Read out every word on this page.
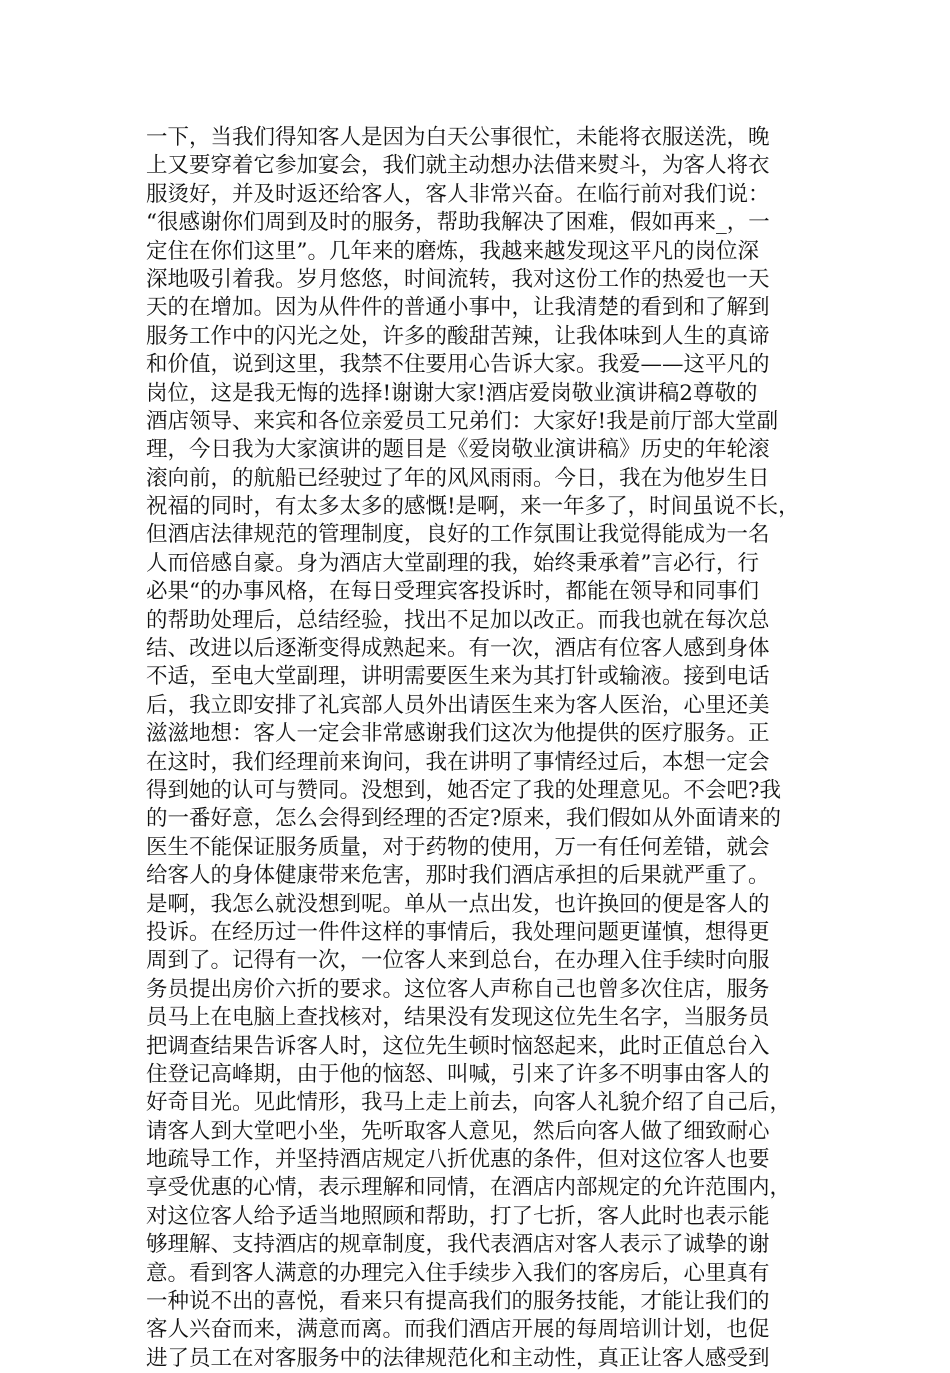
一下，当我们得知客人是因为白天公事很忙，未能将衣服送洗，晚
上又要穿着它参加宴会，我们就主动想办法借来熨斗，为客人将衣
服烫好，并及时返还给客人，客人非常兴奋。在临行前对我们说：
“很感谢你们周到及时的服务，帮助我解决了困难，假如再来_，一
定住在你们这里”。几年来的磨炼，我越来越发现这平凡的岗位深
深地吸引着我。岁月悠悠，时间流转，我对这份工作的热爱也一天
天的在增加。因为从件件的普通小事中，让我清楚的看到和了解到
服务工作中的闪光之处，许多的酸甜苦辣，让我体味到人生的真谛
和价值，说到这里，我禁不住要用心告诉大家。我爱——这平凡的
岗位，这是我无悔的选择!谢谢大家!酒店爱岗敬业演讲稿2尊敬的
酒店领导、来宾和各位亲爱员工兄弟们：大家好!我是前厅部大堂副
理，今日我为大家演讲的题目是《爱岗敬业演讲稿》历史的年轮滚
滚向前，的航船已经驶过了年的风风雨雨。今日，我在为他岁生日
祝福的同时，有太多太多的感慨!是啊，来一年多了，时间虽说不长，
但酒店法律规范的管理制度，良好的工作氛围让我觉得能成为一名
人而倍感自豪。身为酒店大堂副理的我，始终秉承着”言必行，行
必果“的办事风格，在每日受理宾客投诉时，都能在领导和同事们
的帮助处理后，总结经验，找出不足加以改正。而我也就在每次总
结、改进以后逐渐变得成熟起来。有一次，酒店有位客人感到身体
不适，至电大堂副理，讲明需要医生来为其打针或输液。接到电话
后，我立即安排了礼宾部人员外出请医生来为客人医治，心里还美
滋滋地想：客人一定会非常感谢我们这次为他提供的医疗服务。正
在这时，我们经理前来询问，我在讲明了事情经过后，本想一定会
得到她的认可与赞同。没想到，她否定了我的处理意见。不会吧?我
的一番好意，怎么会得到经理的否定?原来，我们假如从外面请来的
医生不能保证服务质量，对于药物的使用，万一有任何差错，就会
给客人的身体健康带来危害，那时我们酒店承担的后果就严重了。
是啊，我怎么就没想到呢。单从一点出发，也许换回的便是客人的
投诉。在经历过一件件这样的事情后，我处理问题更谨慎，想得更
周到了。记得有一次，一位客人来到总台，在办理入住手续时向服
务员提出房价六折的要求。这位客人声称自己也曾多次住店，服务
员马上在电脑上查找核对，结果没有发现这位先生名字，当服务员
把调查结果告诉客人时，这位先生顿时恼怒起来，此时正值总台入
住登记高峰期，由于他的恼怒、叫喊，引来了许多不明事由客人的
好奇目光。见此情形，我马上走上前去，向客人礼貌介绍了自己后，
请客人到大堂吧小坐，先听取客人意见，然后向客人做了细致耐心
地疏导工作，并坚持酒店规定八折优惠的条件，但对这位客人也要
享受优惠的心情，表示理解和同情，在酒店内部规定的允许范围内，
对这位客人给予适当地照顾和帮助，打了七折，客人此时也表示能
够理解、支持酒店的规章制度，我代表酒店对客人表示了诚挚的谢
意。看到客人满意的办理完入住手续步入我们的客房后，心里真有
一种说不出的喜悦，看来只有提高我们的服务技能，才能让我们的
客人兴奋而来，满意而离。而我们酒店开展的每周培训计划，也促
进了员工在对客服务中的法律规范化和主动性，真正让客人感受到
